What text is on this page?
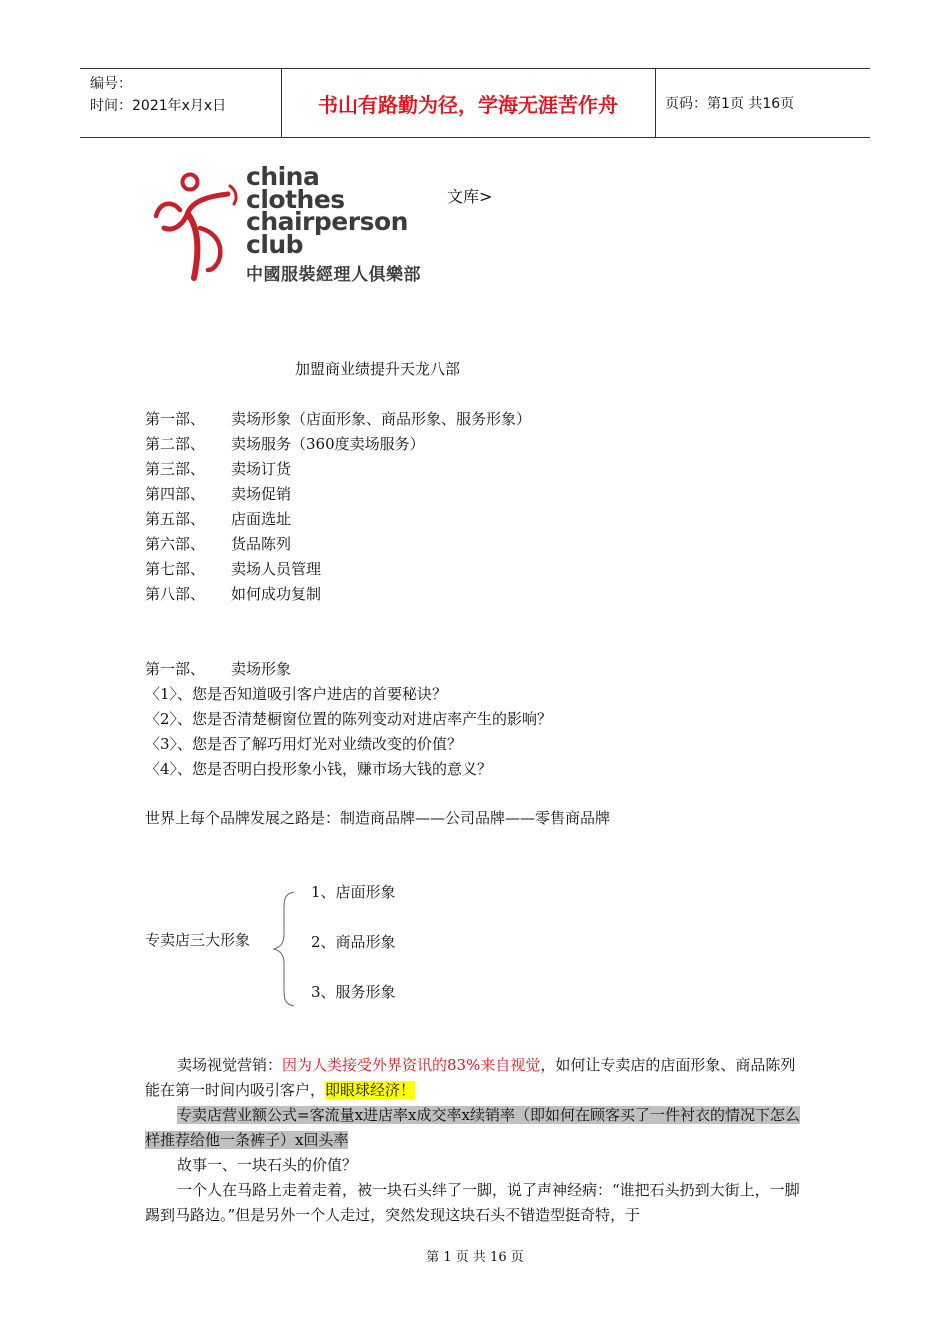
编号：
时间：2021年x月x日	书山有路勤为径，学海无涯苦作舟	页码：第1页 共16页
china
clothes
chairperson
club
中國服裝經理人俱樂部
文库>
加盟商业绩提升天龙八部
第一部、 卖场形象（店面形象、商品形象、服务形象）
第二部、 卖场服务（360度卖场服务）
第三部、 卖场订货
第四部、 卖场促销
第五部、 店面选址
第六部、 货品陈列
第七部、 卖场人员管理
第八部、 如何成功复制
第一部、 卖场形象
〈1〉、您是否知道吸引客户进店的首要秘诀？
〈2〉、您是否清楚橱窗位置的陈列变动对进店率产生的影响？
〈3〉、您是否了解巧用灯光对业绩改变的价值？
〈4〉、您是否明白投形象小钱，赚市场大钱的意义？
世界上每个品牌发展之路是：制造商品牌——公司品牌——零售商品牌
专卖店三大形象
1、店面形象
2、商品形象
3、服务形象

卖场视觉营销：因为人类接受外界资讯的83%来自视觉，如何让专卖店的店面形象、商品陈列能在第一时间内吸引客户，即眼球经济！

专卖店营业额公式=客流量x进店率x成交率x续销率（即如何在顾客买了一件衬衣的情况下怎么样推荐给他一条裤子）x回头率

故事一、一块石头的价值？

一个人在马路上走着走着，被一块石头绊了一脚，说了声神经病：“谁把石头扔到大街上，一脚踢到马路边。”但是另外一个人走过，突然发现这块石头不错造型挺奇特，于

第 1 页 共 16 页
